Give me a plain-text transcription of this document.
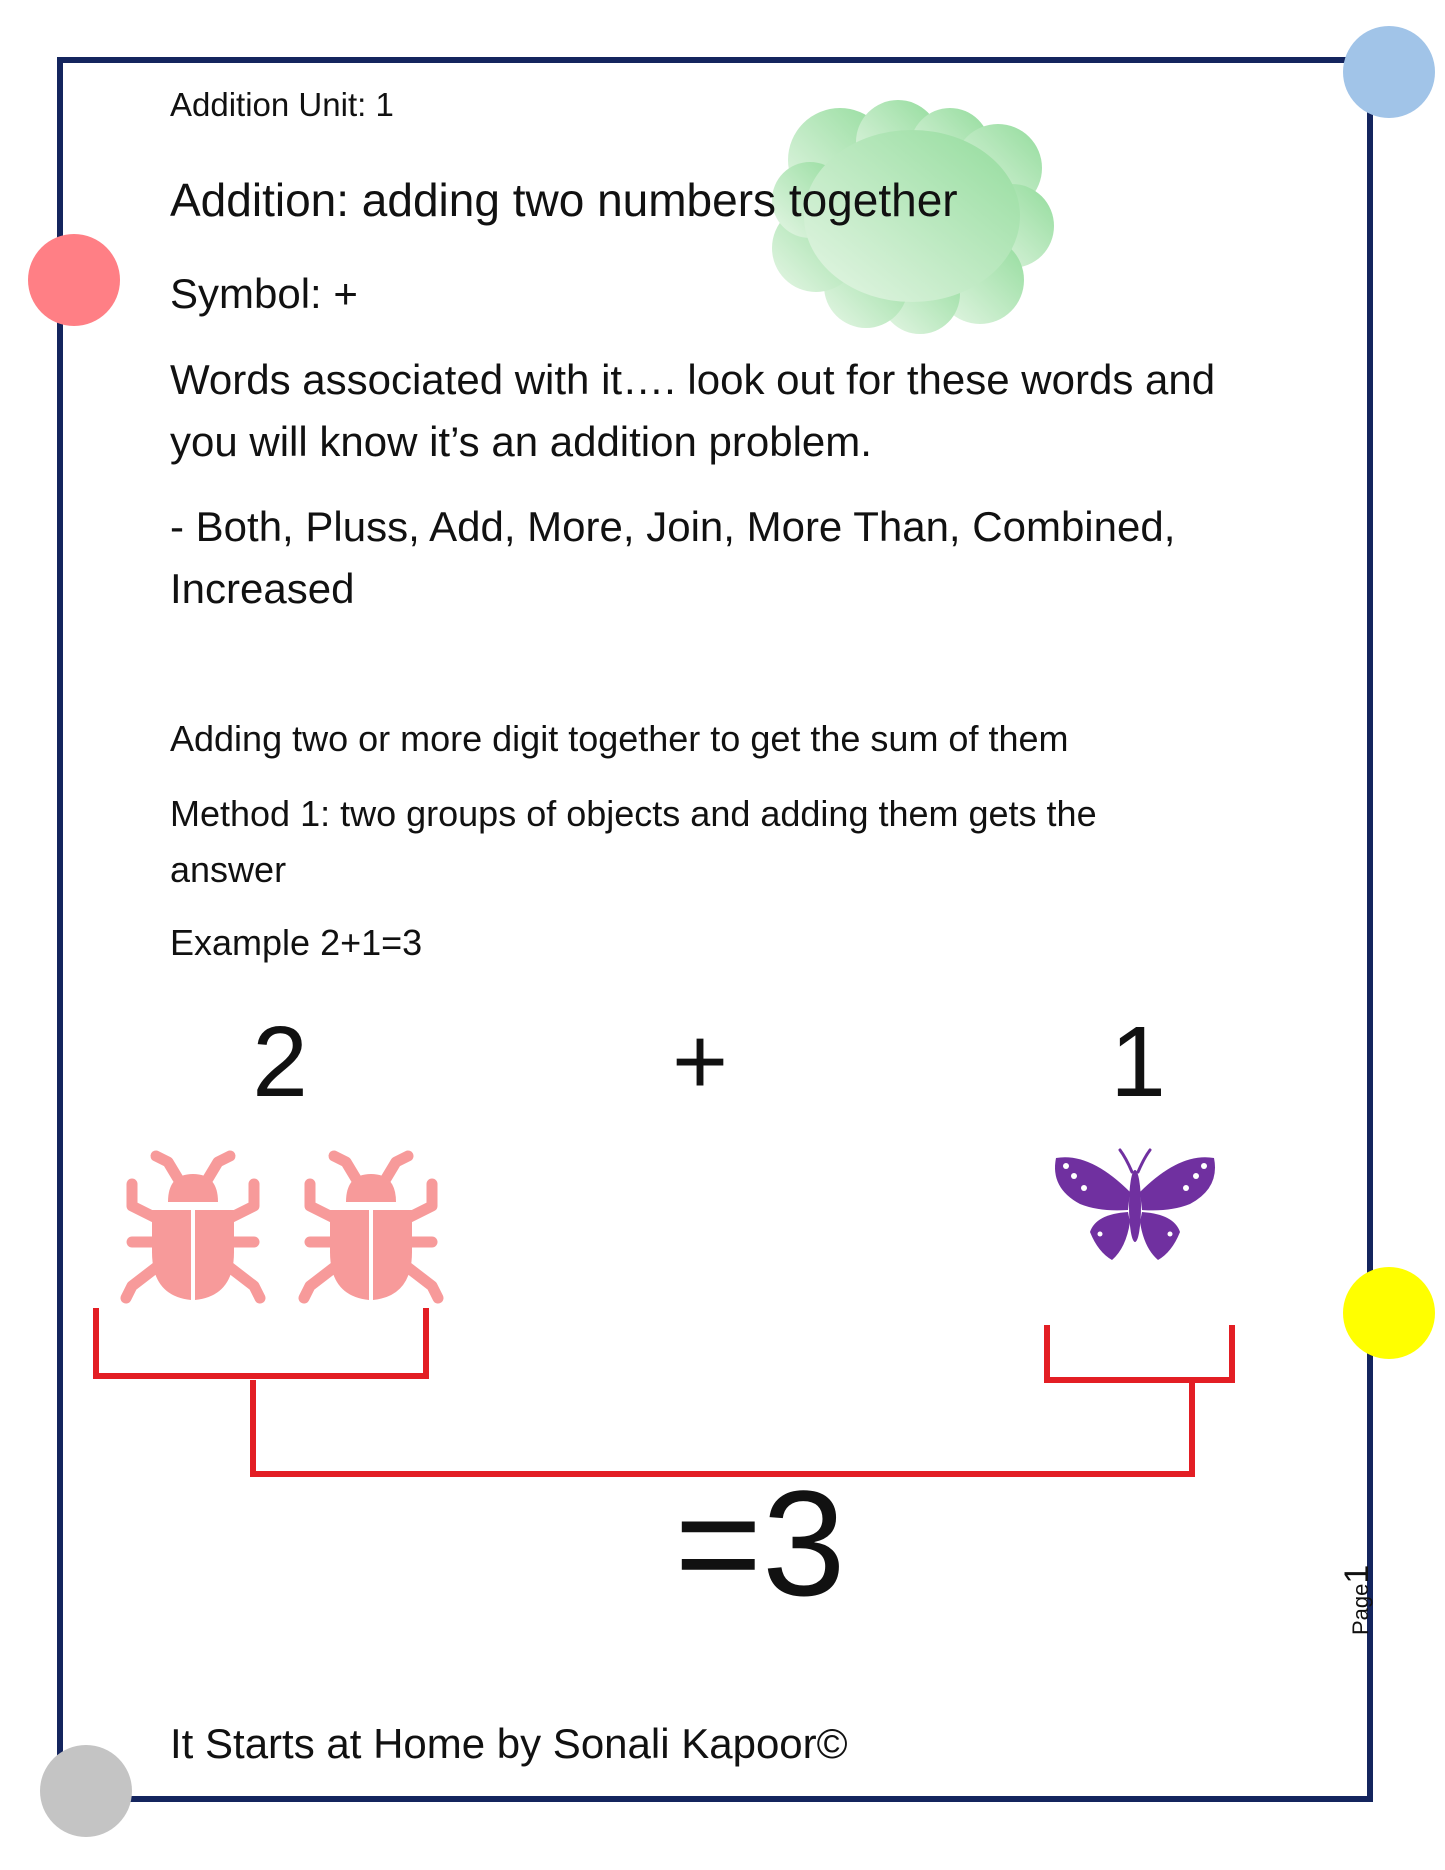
Addition Unit: 1

Addition: adding two numbers together

Symbol: +

Words associated with it…. look out for these words and
you will know it’s an addition problem.
- Both, Pluss, Add, More, Join, More Than, Combined,
Increased
Adding two or more digit together to get the sum of them
Method 1: two groups of objects and adding them gets the
answer
Example 2+1=3
2	+	1
=3	Page1

It Starts at Home by Sonali Kapoor©
